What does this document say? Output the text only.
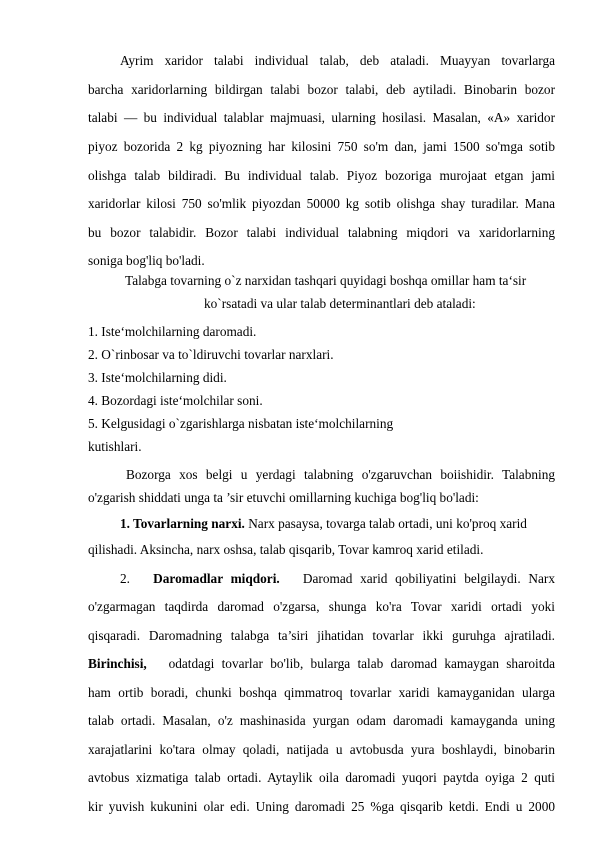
Ayrim xaridor talabi individual talab, deb ataladi. Muayyan tovarlarga
barcha xaridorlarning bildirgan talabi bozor talabi, deb aytiladi. Binobarin bozor
talabi — bu individual talablar majmuasi, ularning hosilasi. Masalan, «A» xaridor
piyoz bozorida 2 kg piyozning har kilosini 750 so'm dan, jami 1500 so'mga sotib
olishga talab bildiradi. Bu individual talab. Piyoz bozoriga murojaat etgan jami
xaridorlar kilosi 750 so'mlik piyozdan 50000 kg sotib olishga shay turadilar. Mana
bu bozor talabidir. Bozor talabi individual talabning miqdori va xaridorlarning
soniga bog'liq bo'ladi.
Talabga tovarning o`z narxidan tashqari quyidagi boshqa omillar ham ta‘sir
ko`rsatadi va ular talab determinantlari deb ataladi:
1. Iste‘molchilarning daromadi.
2. O`rinbosar va to`ldiruvchi tovarlar narxlari.
3. Iste‘molchilarning didi.
4. Bozordagi iste‘molchilar soni.
5. Kelgusidagi o`zgarishlarga nisbatan iste‘molchilarning
kutishlari.
Bozorga xos belgi u yerdagi talabning o'zgaruvchan boiishidir. Talabning
o'zgarish shiddati unga ta ’sir etuvchi omillarning kuchiga bog'liq bo'ladi:
1. Tovarlarning narxi. Narx pasaysa, tovarga talab ortadi, uni ko'proq xarid
qilishadi. Aksincha, narx oshsa, talab qisqarib, Tovar kamroq xarid etiladi.
2. Daromadlar miqdori. Daromad xarid qobiliyatini belgilaydi. Narx
o'zgarmagan taqdirda daromad o'zgarsa, shunga ko'ra Tovar xaridi ortadi yoki
qisqaradi. Daromadning talabga ta’siri jihatidan tovarlar ikki guruhga ajratiladi.
Birinchisi, odatdagi tovarlar bo'lib, bularga talab daromad kamaygan sharoitda
ham ortib boradi, chunki boshqa qimmatroq tovarlar xaridi kamayganidan ularga
talab ortadi. Masalan, o'z mashinasida yurgan odam daromadi kamayganda uning
xarajatlarini ko'tara olmay qoladi, natijada u avtobusda yura boshlaydi, binobarin
avtobus xizmatiga talab ortadi. Aytaylik oila daromadi yuqori paytda oyiga 2 quti
kir yuvish kukunini olar edi. Uning daromadi 25 %ga qisqarib ketdi. Endi u 2000
